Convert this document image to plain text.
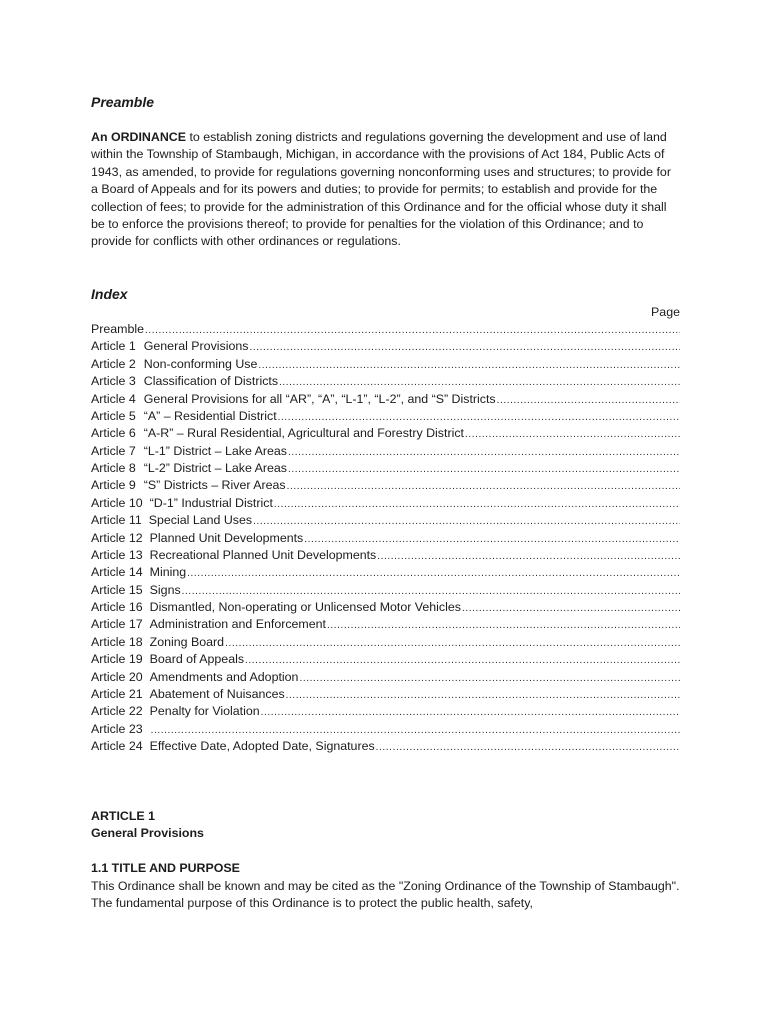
Preamble
An ORDINANCE to establish zoning districts and regulations governing the development and use of land within the Township of Stambaugh, Michigan, in accordance with the provisions of Act 184, Public Acts of 1943, as amended, to provide for regulations governing nonconforming uses and structures; to provide for a Board of Appeals and for its powers and duties; to provide for permits; to establish and provide for the collection of fees; to provide for the administration of this Ordinance and for the official whose duty it shall be to enforce the provisions thereof; to provide for penalties for the violation of this Ordinance; and to provide for conflicts with other ordinances or regulations.
Index
Page
Preamble
.....
Article 1 General Provisions
.....
Article 2 Non-conforming Use
.....
Article 3 Classification of Districts
.....
Article 4 General Provisions for all “AR”, “A”, “L-1”, “L-2”, and “S” Districts
.....
Article 5 “A” – Residential District
.....
Article 6 “A-R” – Rural Residential, Agricultural and Forestry District
.....
Article 7 “L-1” District – Lake Areas
.....
Article 8 “L-2” District – Lake Areas
.....
Article 9 “S” Districts – River Areas
.....
Article 10 “D-1” Industrial District
.....
Article 11 Special Land Uses
.....
Article 12 Planned Unit Developments
.....
Article 13 Recreational Planned Unit Developments
.....
Article 14 Mining
.....
Article 15 Signs
.....
Article 16 Dismantled, Non-operating or Unlicensed Motor Vehicles
.....
Article 17 Administration and Enforcement
.....
Article 18 Zoning Board
.....
Article 19 Board of Appeals
.....
Article 20 Amendments and Adoption
.....
Article 21 Abatement of Nuisances
.....
Article 22 Penalty for Violation
.....
Article 23
.....
Article 24 Effective Date, Adopted Date, Signatures
.....
ARTICLE 1
General Provisions
1.1 TITLE AND PURPOSE
This Ordinance shall be known and may be cited as the "Zoning Ordinance of the Township of Stambaugh". The fundamental purpose of this Ordinance is to protect the public health, safety,
